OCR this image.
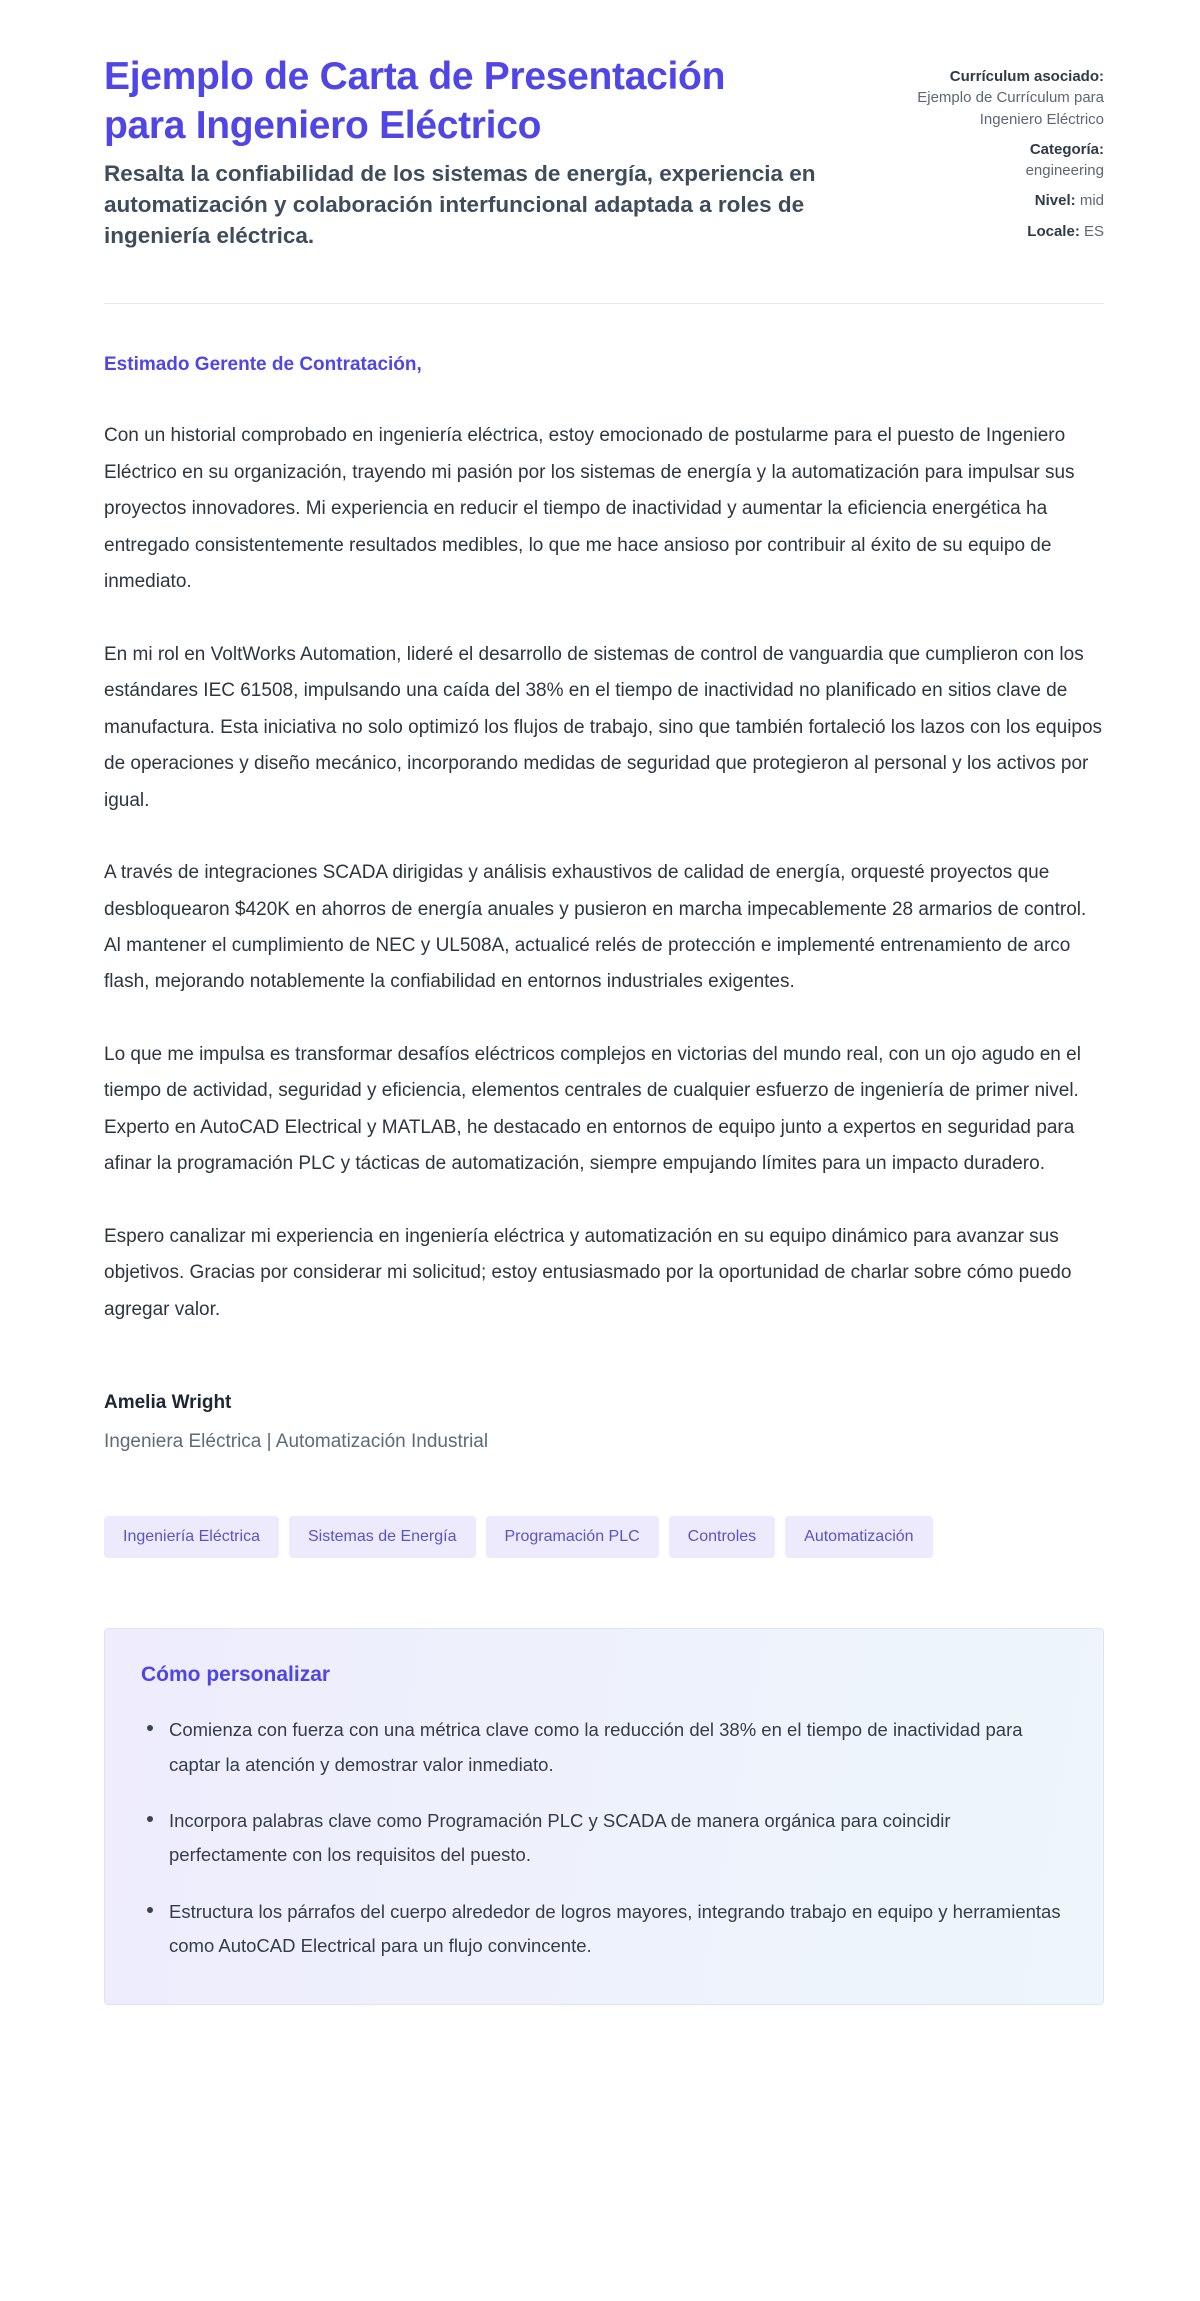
Ejemplo de Carta de Presentación para Ingeniero Eléctrico

Resalta la confiabilidad de los sistemas de energía, experiencia en automatización y colaboración interfuncional adaptada a roles de ingeniería eléctrica.

Currículum asociado:
Ejemplo de Currículum para Ingeniero Eléctrico
Categoría:
engineering
Nivel: mid
Locale: ES

Estimado Gerente de Contratación,

Con un historial comprobado en ingeniería eléctrica, estoy emocionado de postularme para el puesto de Ingeniero Eléctrico en su organización, trayendo mi pasión por los sistemas de energía y la automatización para impulsar sus proyectos innovadores. Mi experiencia en reducir el tiempo de inactividad y aumentar la eficiencia energética ha entregado consistentemente resultados medibles, lo que me hace ansioso por contribuir al éxito de su equipo de inmediato.

En mi rol en VoltWorks Automation, lideré el desarrollo de sistemas de control de vanguardia que cumplieron con los estándares IEC 61508, impulsando una caída del 38% en el tiempo de inactividad no planificado en sitios clave de manufactura. Esta iniciativa no solo optimizó los flujos de trabajo, sino que también fortaleció los lazos con los equipos de operaciones y diseño mecánico, incorporando medidas de seguridad que protegieron al personal y los activos por igual.

A través de integraciones SCADA dirigidas y análisis exhaustivos de calidad de energía, orquesté proyectos que desbloquearon $420K en ahorros de energía anuales y pusieron en marcha impecablemente 28 armarios de control. Al mantener el cumplimiento de NEC y UL508A, actualicé relés de protección e implementé entrenamiento de arco flash, mejorando notablemente la confiabilidad en entornos industriales exigentes.

Lo que me impulsa es transformar desafíos eléctricos complejos en victorias del mundo real, con un ojo agudo en el tiempo de actividad, seguridad y eficiencia, elementos centrales de cualquier esfuerzo de ingeniería de primer nivel. Experto en AutoCAD Electrical y MATLAB, he destacado en entornos de equipo junto a expertos en seguridad para afinar la programación PLC y tácticas de automatización, siempre empujando límites para un impacto duradero.

Espero canalizar mi experiencia en ingeniería eléctrica y automatización en su equipo dinámico para avanzar sus objetivos. Gracias por considerar mi solicitud; estoy entusiasmado por la oportunidad de charlar sobre cómo puedo agregar valor.

Amelia Wright
Ingeniera Eléctrica | Automatización Industrial
Ingeniería Eléctrica	Sistemas de Energía	Programación PLC	Controles	Automatización
Cómo personalizar
Comienza con fuerza con una métrica clave como la reducción del 38% en el tiempo de inactividad para captar la atención y demostrar valor inmediato.
Incorpora palabras clave como Programación PLC y SCADA de manera orgánica para coincidir perfectamente con los requisitos del puesto.
Estructura los párrafos del cuerpo alrededor de logros mayores, integrando trabajo en equipo y herramientas como AutoCAD Electrical para un flujo convincente.
